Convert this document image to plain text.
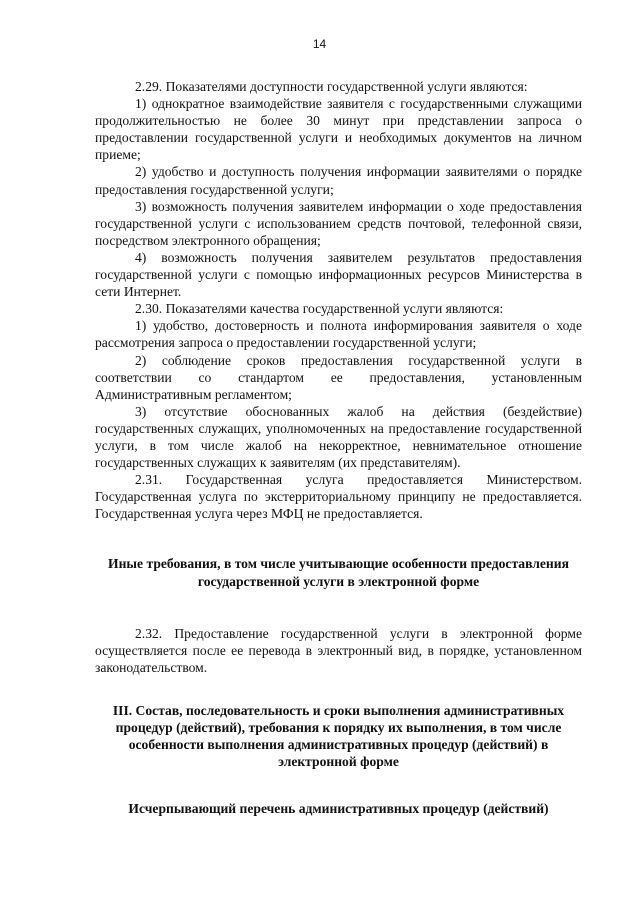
14

2.29. Показателями доступности государственной услуги являются:

1) однократное взаимодействие заявителя с государственными служащими продолжительностью не более 30 минут при представлении запроса о предоставлении государственной услуги и необходимых документов на личном приеме;

2) удобство и доступность получения информации заявителями о порядке предоставления государственной услуги;

3) возможность получения заявителем информации о ходе предоставления государственной услуги с использованием средств почтовой, телефонной связи, посредством электронного обращения;

4) возможность получения заявителем результатов предоставления государственной услуги с помощью информационных ресурсов Министерства в сети Интернет.

2.30. Показателями качества государственной услуги являются:

1) удобство, достоверность и полнота информирования заявителя о ходе рассмотрения запроса о предоставлении государственной услуги;

2) соблюдение сроков предоставления государственной услуги в соответствии со стандартом ее предоставления, установленным Административным регламентом;

3) отсутствие обоснованных жалоб на действия (бездействие) государственных служащих, уполномоченных на предоставление государственной услуги, в том числе жалоб на некорректное, невнимательное отношение государственных служащих к заявителям (их представителям).

2.31. Государственная услуга предоставляется Министерством. Государственная услуга по экстерриториальному принципу не предоставляется. Государственная услуга через МФЦ не предоставляется.

Иные требования, в том числе учитывающие особенности предоставления государственной услуги в электронной форме

2.32. Предоставление государственной услуги в электронной форме осуществляется после ее перевода в электронный вид, в порядке, установленном законодательством.

III. Состав, последовательность и сроки выполнения административных процедур (действий), требования к порядку их выполнения, в том числе особенности выполнения административных процедур (действий) в электронной форме

Исчерпывающий перечень административных процедур (действий)
